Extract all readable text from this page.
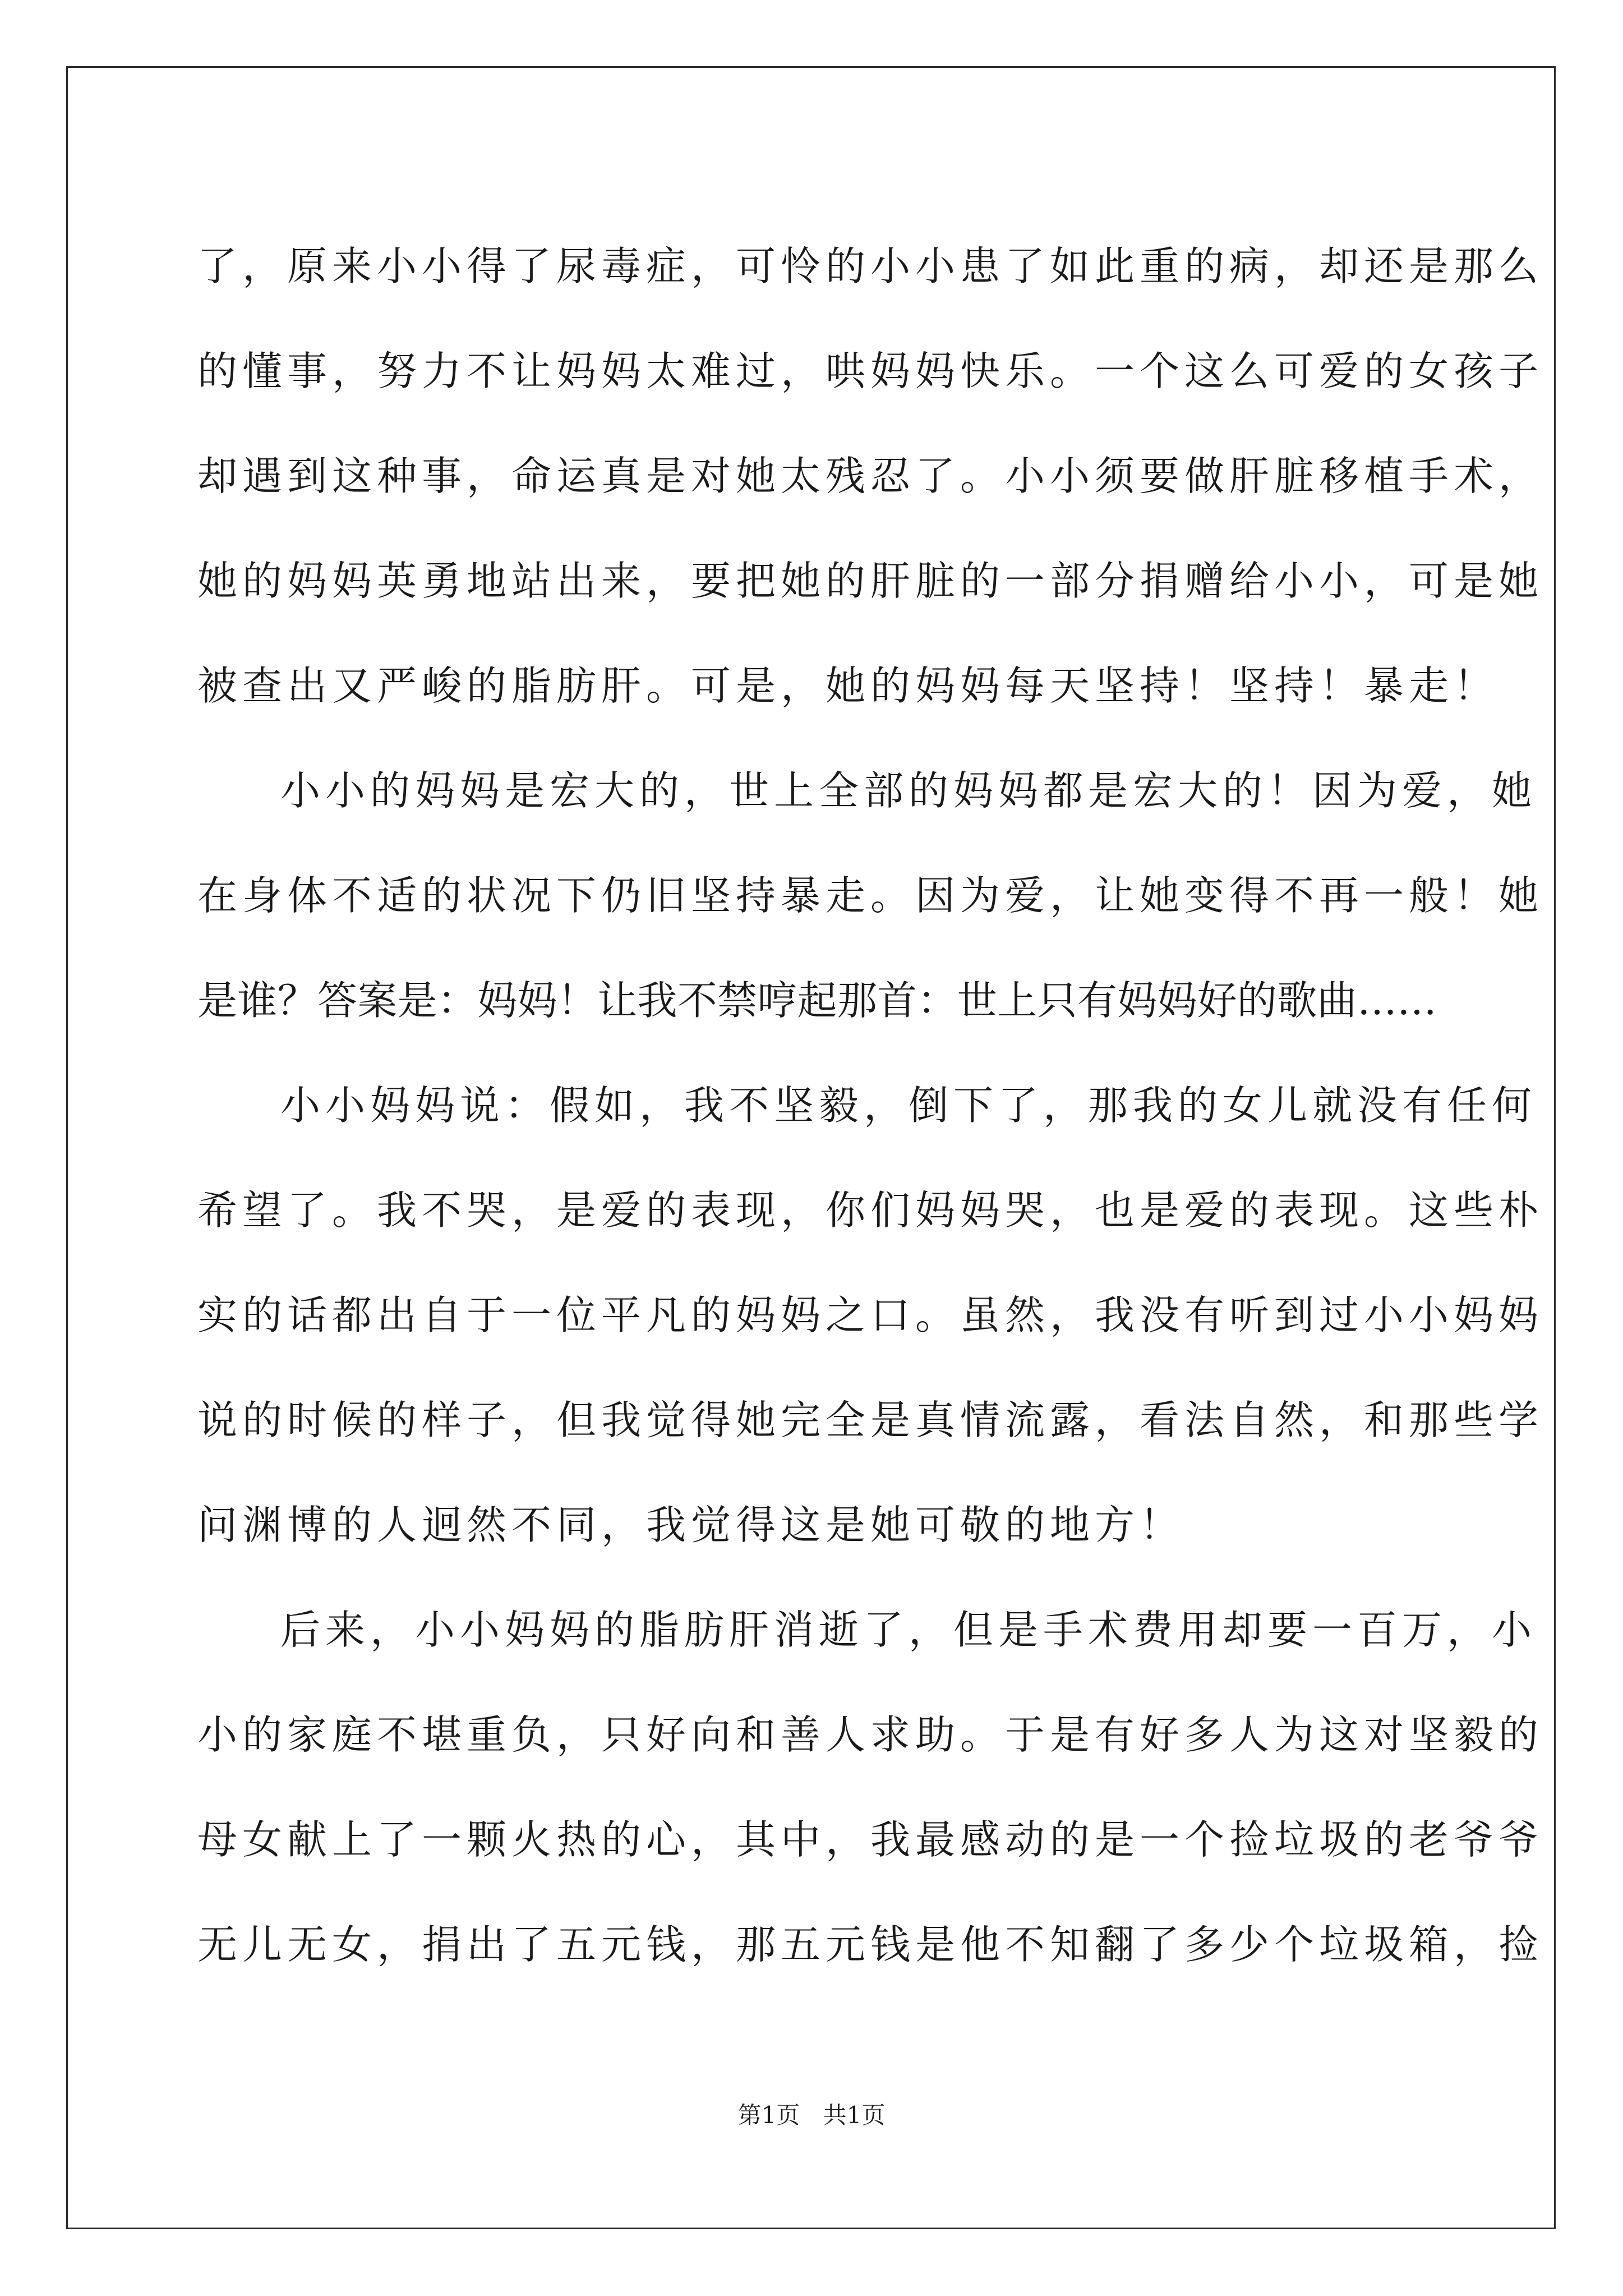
了，原来小小得了尿毒症，可怜的小小患了如此重的病，却还是那么
的懂事，努力不让妈妈太难过，哄妈妈快乐。一个这么可爱的女孩子
却遇到这种事，命运真是对她太残忍了。小小须要做肝脏移植手术，
她的妈妈英勇地站出来，要把她的肝脏的一部分捐赠给小小，可是她
被查出又严峻的脂肪肝。可是，她的妈妈每天坚持！坚持！暴走！
小小的妈妈是宏大的，世上全部的妈妈都是宏大的！因为爱，她
在身体不适的状况下仍旧坚持暴走。因为爱，让她变得不再一般！她
是谁？答案是：妈妈！让我不禁哼起那首：世上只有妈妈好的歌曲……
小小妈妈说：假如，我不坚毅，倒下了，那我的女儿就没有任何
希望了。我不哭，是爱的表现，你们妈妈哭，也是爱的表现。这些朴
实的话都出自于一位平凡的妈妈之口。虽然，我没有听到过小小妈妈
说的时候的样子，但我觉得她完全是真情流露，看法自然，和那些学
问渊博的人迥然不同，我觉得这是她可敬的地方！
后来，小小妈妈的脂肪肝消逝了，但是手术费用却要一百万，小
小的家庭不堪重负，只好向和善人求助。于是有好多人为这对坚毅的
母女献上了一颗火热的心，其中，我最感动的是一个捡垃圾的老爷爷
无儿无女，捐出了五元钱，那五元钱是他不知翻了多少个垃圾箱，捡
第1页 共1页
